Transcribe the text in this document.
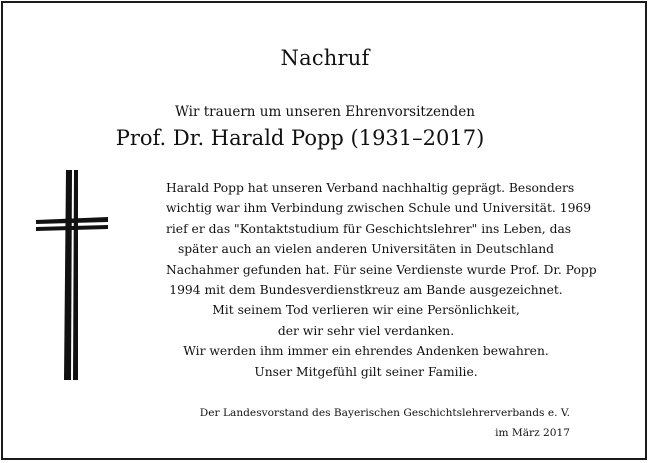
Nachruf
Wir trauern um unseren Ehrenvorsitzenden
Prof. Dr. Harald Popp (1931–2017)
Harald Popp hat unseren Verband nachhaltig geprägt. Besonders
wichtig war ihm Verbindung zwischen Schule und Universität. 1969
rief er das "Kontaktstudium für Geschichtslehrer" ins Leben, das
später auch an vielen anderen Universitäten in Deutschland
Nachahmer gefunden hat. Für seine Verdienste wurde Prof. Dr. Popp
1994 mit dem Bundesverdienstkreuz am Bande ausgezeichnet.
Mit seinem Tod verlieren wir eine Persönlichkeit,
der wir sehr viel verdanken.
Wir werden ihm immer ein ehrendes Andenken bewahren.
Unser Mitgefühl gilt seiner Familie.
Der Landesvorstand des Bayerischen Geschichtslehrerverbands e. V.
im März 2017
